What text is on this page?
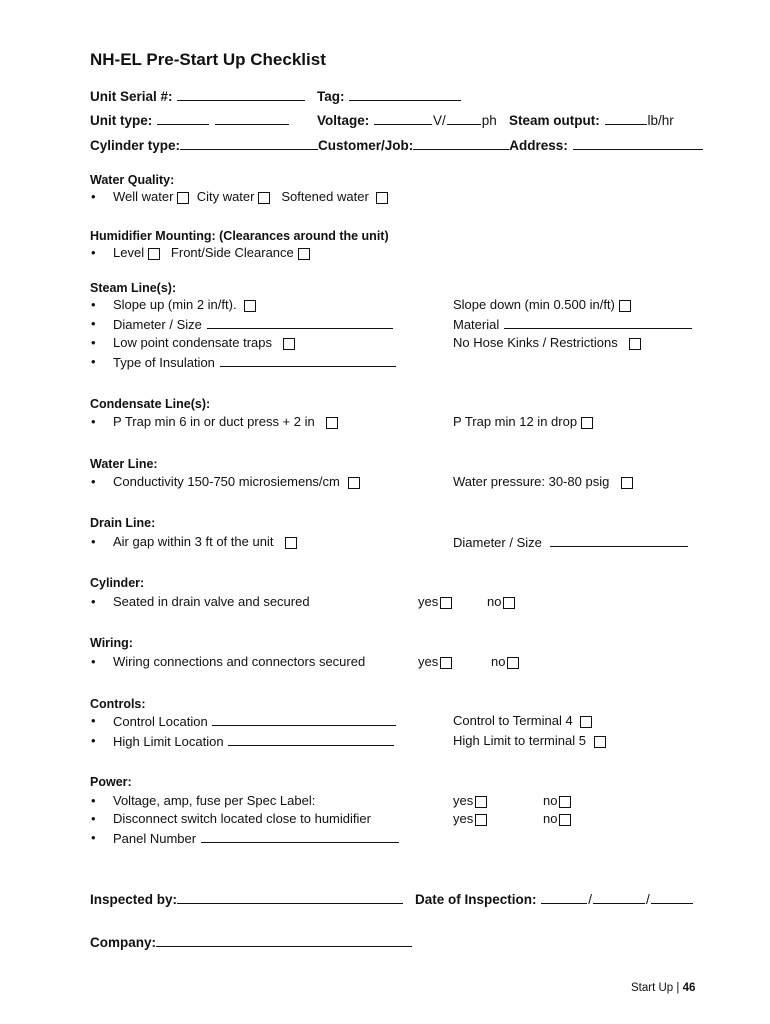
NH-EL Pre-Start Up Checklist
Unit Serial #:	Tag:
Unit type:	Voltage:	V/	ph Steam output:	lb/hr
Cylinder type:	Customer/Job:	Address:
Water Quality:
• Well water City water Softened water
Humidifier Mounting: (Clearances around the unit)
• Level Front/Side Clearance
Steam Line(s):
• Slope up (min 2 in/ft).	Slope down (min 0.500 in/ft)
• Diameter / Size	Material
• Low point condensate traps	No Hose Kinks / Restrictions
• Type of Insulation
Condensate Line(s):
• P Trap min 6 in or duct press + 2 in	P Trap min 12 in drop
Water Line:
• Conductivity 150-750 microsiemens/cm	Water pressure: 30-80 psig
Drain Line:
• Air gap within 3 ft of the unit	Diameter / Size
Cylinder:
• Seated in drain valve and secured	yes	no
Wiring:
• Wiring connections and connectors secured	yes	no
Controls:
• Control Location	Control to Terminal 4
• High Limit Location	High Limit to terminal 5
Power:
• Voltage, amp, fuse per Spec Label:	yes	no
• Disconnect switch located close to humidifier	yes	no
• Panel Number
Inspected by:	Date of Inspection:	/	/
Company:
Start Up | 46
